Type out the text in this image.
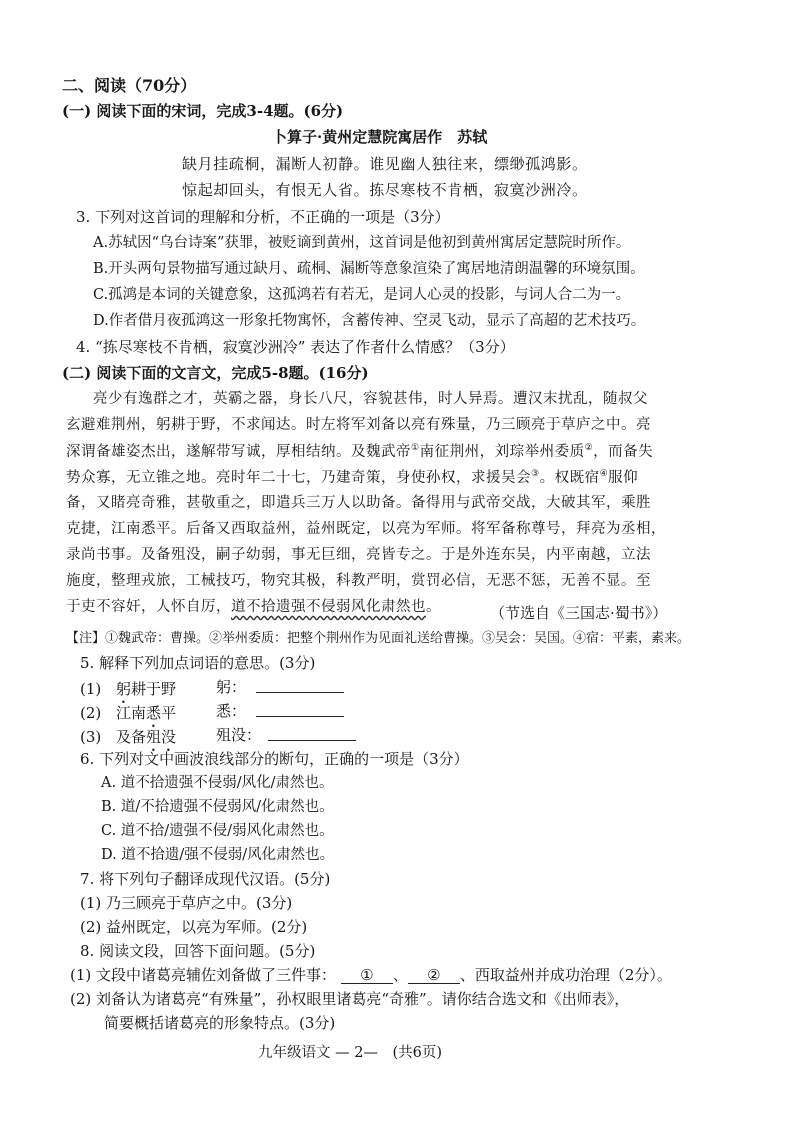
二、阅读（70分）
(一) 阅读下面的宋词，完成3-4题。(6分)
卜算子·黄州定慧院寓居作　苏轼
缺月挂疏桐，漏断人初静。谁见幽人独往来，缥缈孤鸿影。
惊起却回头，有恨无人省。拣尽寒枝不肯栖，寂寞沙洲冷。
3. 下列对这首词的理解和分析，不正确的一项是（3分）
A.苏轼因“乌台诗案”获罪，被贬谪到黄州，这首词是他初到黄州寓居定慧院时所作。
B.开头两句景物描写通过缺月、疏桐、漏断等意象渲染了寓居地清朗温馨的环境氛围。
C.孤鸿是本词的关键意象，这孤鸿若有若无，是词人心灵的投影，与词人合二为一。
D.作者借月夜孤鸿这一形象托物寓怀，含蓄传神、空灵飞动，显示了高超的艺术技巧。
4. “拣尽寒枝不肯栖，寂寞沙洲冷” 表达了作者什么情感？（3分）
(二) 阅读下面的文言文，完成5-8题。(16分)
亮少有逸群之才，英霸之器，身长八尺，容貌甚伟，时人异焉。遭汉末扰乱，随叔父
玄避难荆州，躬耕于野，不求闻达。时左将军刘备以亮有殊量，乃三顾亮于草庐之中。亮
深谓备雄姿杰出，遂解带写诚，厚相结纳。及魏武帝①南征荆州，刘琮举州委质②，而备失
势众寡，无立锥之地。亮时年二十七，乃建奇策，身使孙权，求援吴会③。权既宿④服仰
备，又睹亮奇雅，甚敬重之，即遣兵三万人以助备。备得用与武帝交战，大破其军，乘胜
克捷，江南悉平。后备又西取益州，益州既定，以亮为军师。将军备称尊号，拜亮为丞相，
录尚书事。及备殂没，嗣子幼弱，事无巨细，亮皆专之。于是外连东吴，内平南越，立法
施度，整理戎旅，工械技巧，物究其极，科教严明，赏罚必信，无恶不惩，无善不显。至
于吏不容奸，人怀自厉，道不拾遗强不侵弱风化肃然也。	（节选自《三国志·蜀书》）
【注】①魏武帝：曹操。②举州委质：把整个荆州作为见面礼送给曹操。③吴会：吴国。④宿：平素，素来。
5. 解释下列加点词语的意思。(3分)
(1) 躬耕于野	躬：
(2) 江南悉平	悉：
(3) 及备殂没	殂没：
6. 下列对文中画波浪线部分的断句，正确的一项是（3分）
A. 道不拾遗强不侵弱/风化/肃然也。
B. 道/不拾遗强不侵弱风/化肃然也。
C. 道不拾/遗强不侵/弱风化肃然也。
D. 道不拾遗/强不侵弱/风化肃然也。
7. 将下列句子翻译成现代汉语。(5分)
(1) 乃三顾亮于草庐之中。(3分)
(2) 益州既定，以亮为军师。(2分)
8. 阅读文段，回答下面问题。(5分)
(1) 文段中诸葛亮辅佐刘备做了三件事： ① 、 ② 、西取益州并成功治理（2分）。
(2) 刘备认为诸葛亮“有殊量”，孙权眼里诸葛亮“奇雅”。请你结合选文和《出师表》，
简要概括诸葛亮的形象特点。(3分)
九年级语文 — 2—　(共6页)
